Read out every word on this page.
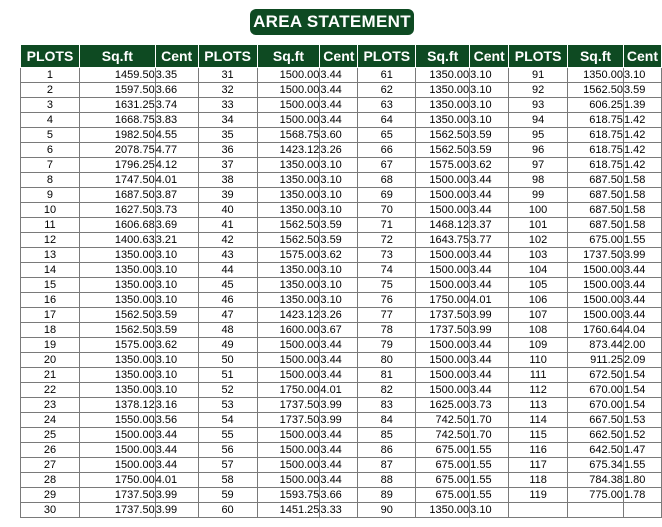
AREA STATEMENT
PLOTS	Sq.ft	Cent	PLOTS	Sq.ft	Cent	PLOTS	Sq.ft	Cent	PLOTS	Sq.ft	Cent
1	1459.50	3.35	31	1500.00	3.44	61	1350.00	3.10	91	1350.00	3.10
2	1597.50	3.66	32	1500.00	3.44	62	1350.00	3.10	92	1562.50	3.59
3	1631.25	3.74	33	1500.00	3.44	63	1350.00	3.10	93	606.25	1.39
4	1668.75	3.83	34	1500.00	3.44	64	1350.00	3.10	94	618.75	1.42
5	1982.50	4.55	35	1568.75	3.60	65	1562.50	3.59	95	618.75	1.42
6	2078.75	4.77	36	1423.12	3.26	66	1562.50	3.59	96	618.75	1.42
7	1796.25	4.12	37	1350.00	3.10	67	1575.00	3.62	97	618.75	1.42
8	1747.50	4.01	38	1350.00	3.10	68	1500.00	3.44	98	687.50	1.58
9	1687.50	3.87	39	1350.00	3.10	69	1500.00	3.44	99	687.50	1.58
10	1627.50	3.73	40	1350.00	3.10	70	1500.00	3.44	100	687.50	1.58
11	1606.68	3.69	41	1562.50	3.59	71	1468.12	3.37	101	687.50	1.58
12	1400.63	3.21	42	1562.50	3.59	72	1643.75	3.77	102	675.00	1.55
13	1350.00	3.10	43	1575.00	3.62	73	1500.00	3.44	103	1737.50	3.99
14	1350.00	3.10	44	1350.00	3.10	74	1500.00	3.44	104	1500.00	3.44
15	1350.00	3.10	45	1350.00	3.10	75	1500.00	3.44	105	1500.00	3.44
16	1350.00	3.10	46	1350.00	3.10	76	1750.00	4.01	106	1500.00	3.44
17	1562.50	3.59	47	1423.12	3.26	77	1737.50	3.99	107	1500.00	3.44
18	1562.50	3.59	48	1600.00	3.67	78	1737.50	3.99	108	1760.64	4.04
19	1575.00	3.62	49	1500.00	3.44	79	1500.00	3.44	109	873.44	2.00
20	1350.00	3.10	50	1500.00	3.44	80	1500.00	3.44	110	911.25	2.09
21	1350.00	3.10	51	1500.00	3.44	81	1500.00	3.44	111	672.50	1.54
22	1350.00	3.10	52	1750.00	4.01	82	1500.00	3.44	112	670.00	1.54
23	1378.12	3.16	53	1737.50	3.99	83	1625.00	3.73	113	670.00	1.54
24	1550.00	3.56	54	1737.50	3.99	84	742.50	1.70	114	667.50	1.53
25	1500.00	3.44	55	1500.00	3.44	85	742.50	1.70	115	662.50	1.52
26	1500.00	3.44	56	1500.00	3.44	86	675.00	1.55	116	642.50	1.47
27	1500.00	3.44	57	1500.00	3.44	87	675.00	1.55	117	675.34	1.55
28	1750.00	4.01	58	1500.00	3.44	88	675.00	1.55	118	784.38	1.80
29	1737.50	3.99	59	1593.75	3.66	89	675.00	1.55	119	775.00	1.78
30	1737.50	3.99	60	1451.25	3.33	90	1350.00	3.10			
